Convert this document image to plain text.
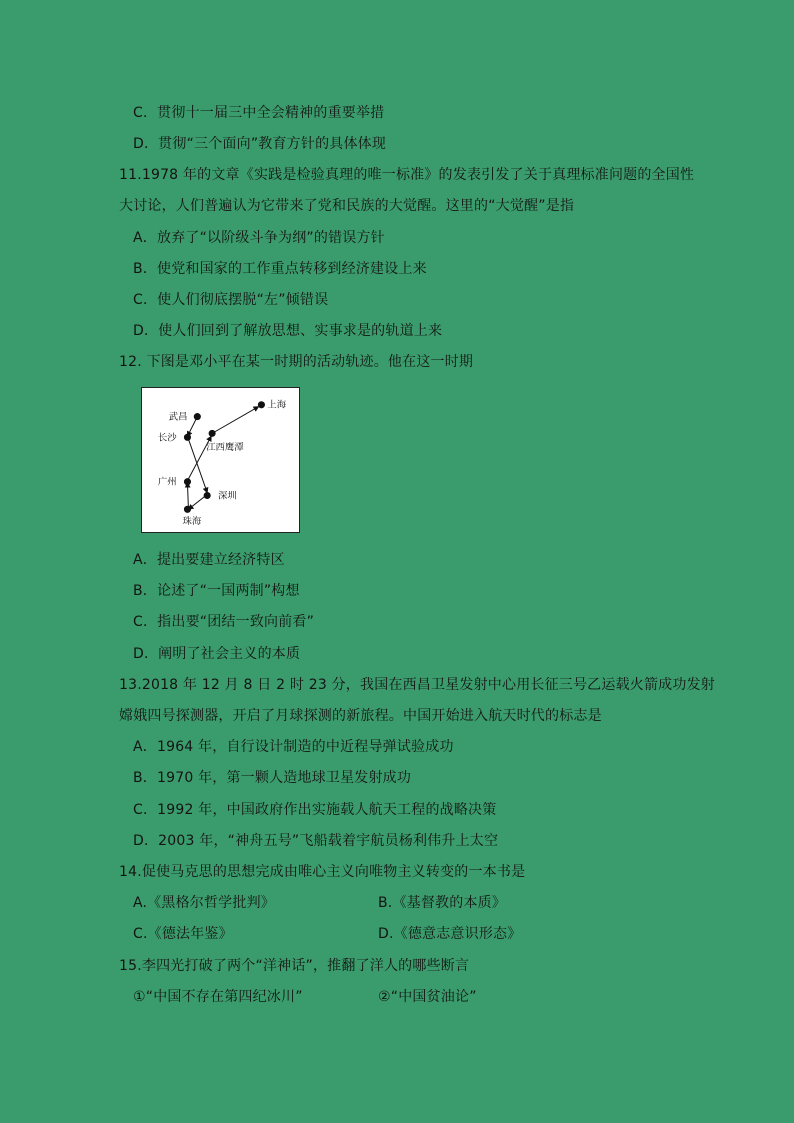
C．贯彻十一届三中全会精神的重要举措
D．贯彻“三个面向”教育方针的具体体现
11.1978 年的文章《实践是检验真理的唯一标准》的发表引发了关于真理标准问题的全国性
大讨论，人们普遍认为它带来了党和民族的大觉醒。这里的“大觉醒”是指
A．放弃了“以阶级斗争为纲”的错误方针
B．使党和国家的工作重点转移到经济建设上来
C．使人们彻底摆脱“左”倾错误
D．使人们回到了解放思想、实事求是的轨道上来
12. 下图是邓小平在某一时期的活动轨迹。他在这一时期
武昌
长沙
上海
江西鹰潭
广州
深圳
珠海
A．提出要建立经济特区
B．论述了“一国两制”构想
C．指出要“团结一致向前看”
D．阐明了社会主义的本质
13.2018 年 12 月 8 日 2 时 23 分，我国在西昌卫星发射中心用长征三号乙运载火箭成功发射
嫦娥四号探测器，开启了月球探测的新旅程。中国开始进入航天时代的标志是
A．1964 年，自行设计制造的中近程导弹试验成功
B．1970 年，第一颗人造地球卫星发射成功
C．1992 年，中国政府作出实施载人航天工程的战略决策
D．2003 年，“神舟五号”飞船载着宇航员杨利伟升上太空
14.促使马克思的思想完成由唯心主义向唯物主义转变的一本书是
A.《黑格尔哲学批判》	B.《基督教的本质》
C.《德法年鉴》	D.《德意志意识形态》
15.李四光打破了两个“洋神话”，推翻了洋人的哪些断言
①“中国不存在第四纪冰川”	②“中国贫油论”
